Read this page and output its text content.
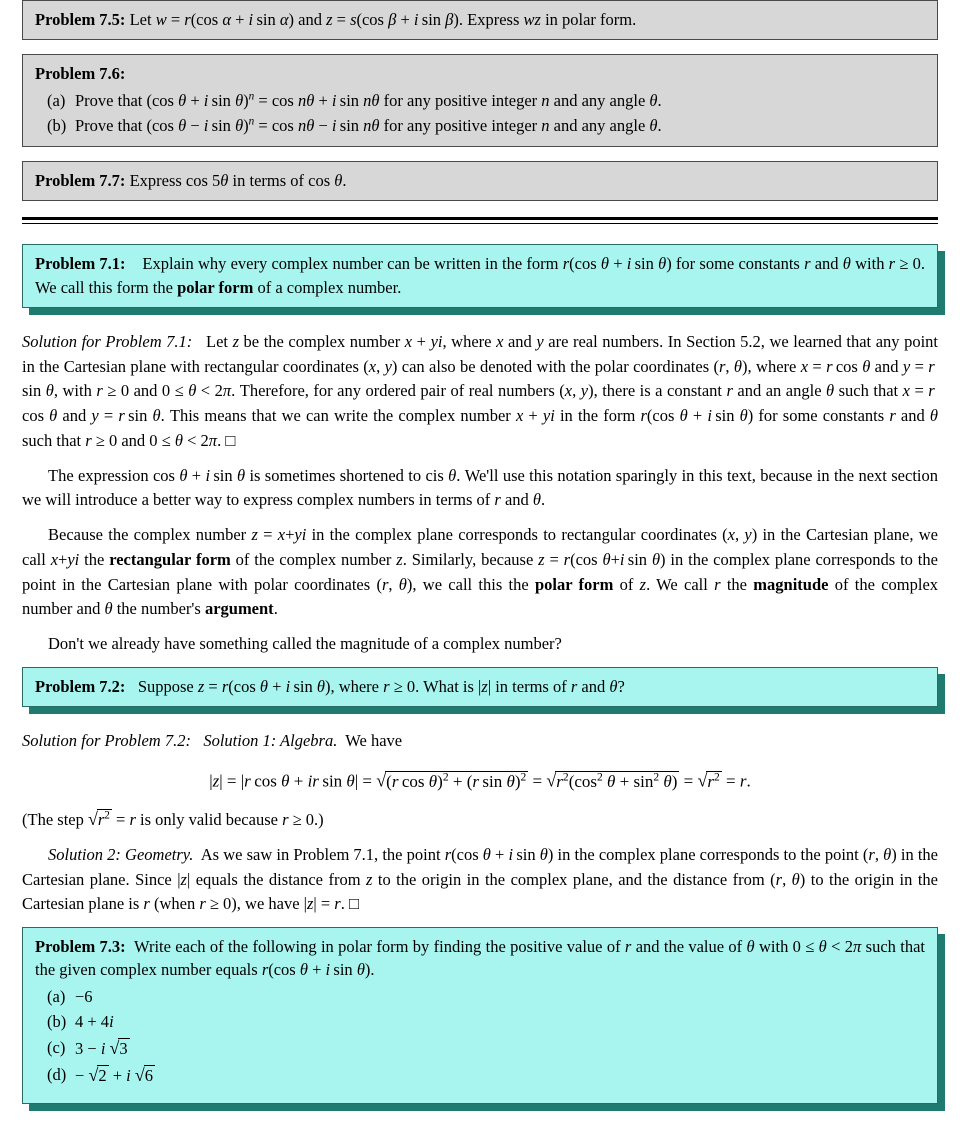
Problem 7.5: Let w = r(cos α + i sin α) and z = s(cos β + i sin β). Express wz in polar form.

Problem 7.6:

(a) Prove that (cos θ + i sin θ)$^n$ = cos nθ + i sin nθ for any positive integer n and any angle θ.
(b) Prove that (cos θ − i sin θ)$^n$ = cos nθ − i sin nθ for any positive integer n and any angle θ.

Problem 7.7: Express cos 5θ in terms of cos θ.

Problem 7.1:    Explain why every complex number can be written in the form r(cos θ + i sin θ) for some constants r and θ with r ≥ 0. We call this form the polar form of a complex number.

Solution for Problem 7.1:   Let z be the complex number x + yi, where x and y are real numbers. In Section 5.2, we learned that any point in the Cartesian plane with rectangular coordinates (x, y) can also be denoted with the polar coordinates (r, θ), where x = r cos θ and y = r sin θ, with r ≥ 0 and 0 ≤ θ < 2π. Therefore, for any ordered pair of real numbers (x, y), there is a constant r and an angle θ such that x = r cos θ and y = r sin θ. This means that we can write the complex number x + yi in the form r(cos θ + i sin θ) for some constants r and θ such that r ≥ 0 and 0 ≤ θ < 2π. □

The expression cos θ + i sin θ is sometimes shortened to cis θ. We'll use this notation sparingly in this text, because in the next section we will introduce a better way to express complex numbers in terms of r and θ.

Because the complex number z = x+yi in the complex plane corresponds to rectangular coordinates (x, y) in the Cartesian plane, we call x+yi the rectangular form of the complex number z. Similarly, because z = r(cos θ+i sin θ) in the complex plane corresponds to the point in the Cartesian plane with polar coordinates (r, θ), we call this the polar form of z. We call r the magnitude of the complex number and θ the number's argument.

Don't we already have something called the magnitude of a complex number?

Problem 7.2:   Suppose z = r(cos θ + i sin θ), where r ≥ 0. What is |z| in terms of r and θ?

Solution for Problem 7.2: Solution 1: Algebra. We have

|z| = |r cos θ + ir sin θ| = √(r cos θ)$^2$ + (r $\sin \theta)^2 = √r^2(\cos^2$ $\theta + \sin^2 \theta) = √r^2 = r$.

(The step $√r^2 = r$ is only valid because r ≥ 0.)

Solution 2: Geometry.  As we saw in Problem 7.1, the point r(cos θ + i sin θ) in the complex plane corresponds to the point (r, θ) in the Cartesian plane. Since |z| equals the distance from z to the origin in the complex plane, and the distance from (r, θ) to the origin in the Cartesian plane is r (when r ≥ 0), we have |z| = r. □

Problem 7.3:  Write each of the following in polar form by finding the positive value of r and the value of θ with 0 ≤ θ < 2π such that the given complex number equals r(cos θ + i sin θ).

(a) −6
(b) 4 + 4i
(c) 3 − i √3
(d) − √2 + i √6
